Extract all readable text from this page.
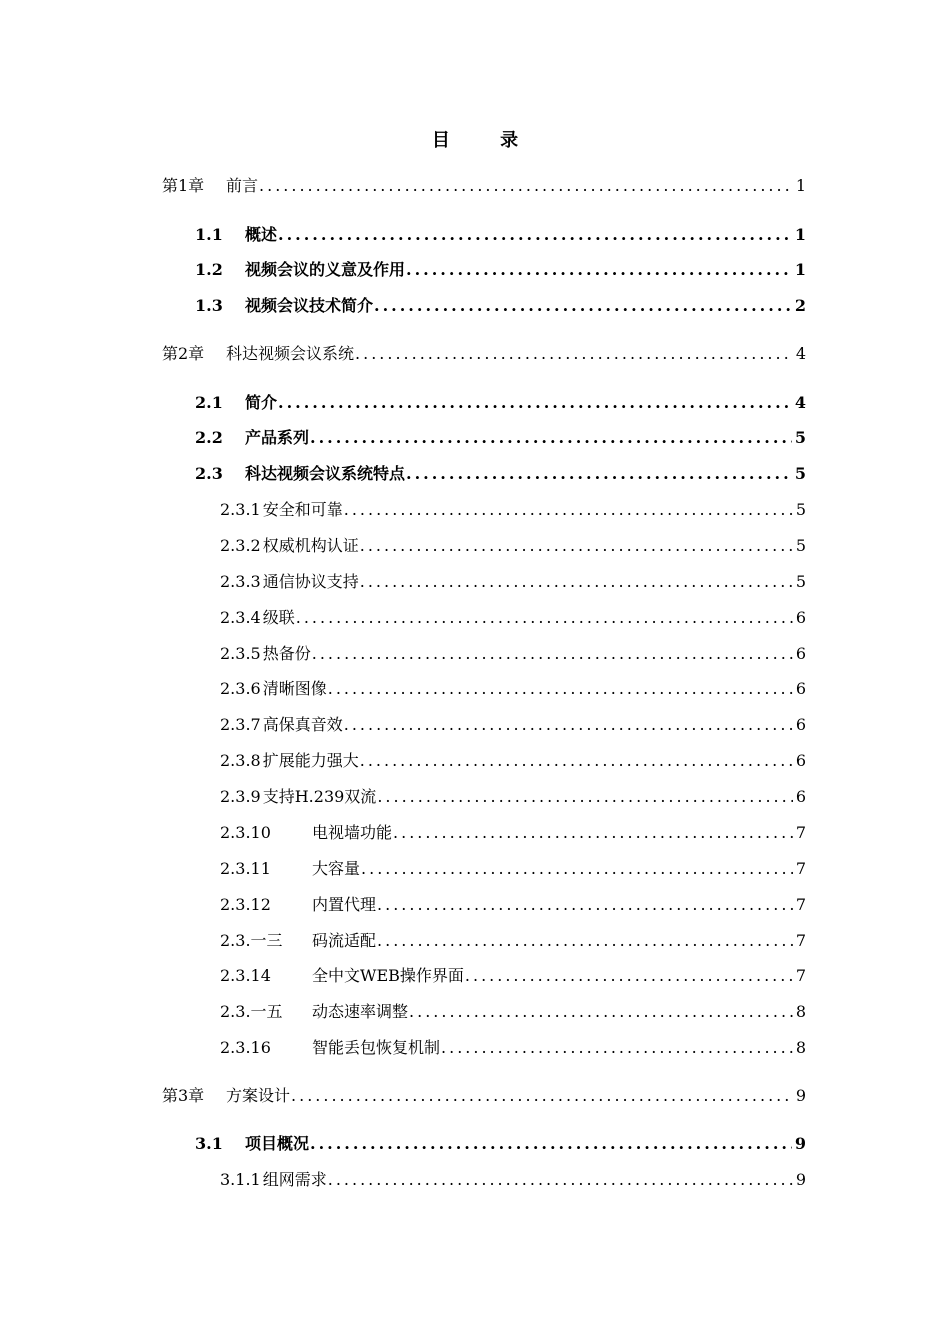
目 录
第1章	前言 .....	1
1.1	概述 .....	1
1.2	视频会议的义意及作用 .....	1
1.3	视频会议技术简介 .....	2
第2章	科达视频会议系统 .....	4
2.1	简介 .....	4
2.2	产品系列 .....	5
2.3	科达视频会议系统特点 .....	5
2.3.1 安全和可靠 .....	5
2.3.2 权威机构认证 .....	5
2.3.3 通信协议支持 .....	5
2.3.4 级联 .....	6
2.3.5 热备份 .....	6
2.3.6 清晰图像 .....	6
2.3.7 高保真音效 .....	6
2.3.8 扩展能力强大 .....	6
2.3.9 支持H.239双流 .....	6
2.3.10	电视墙功能 .....	7
2.3.11	大容量 .....	7
2.3.12	内置代理 .....	7
2.3.一三	码流适配 .....	7
2.3.14	全中文WEB操作界面 .....	7
2.3.一五	动态速率调整 .....	8
2.3.16	智能丢包恢复机制 .....	8
第3章	方案设计 .....	9
3.1	项目概况 .....	9
3.1.1 组网需求 .....	9
